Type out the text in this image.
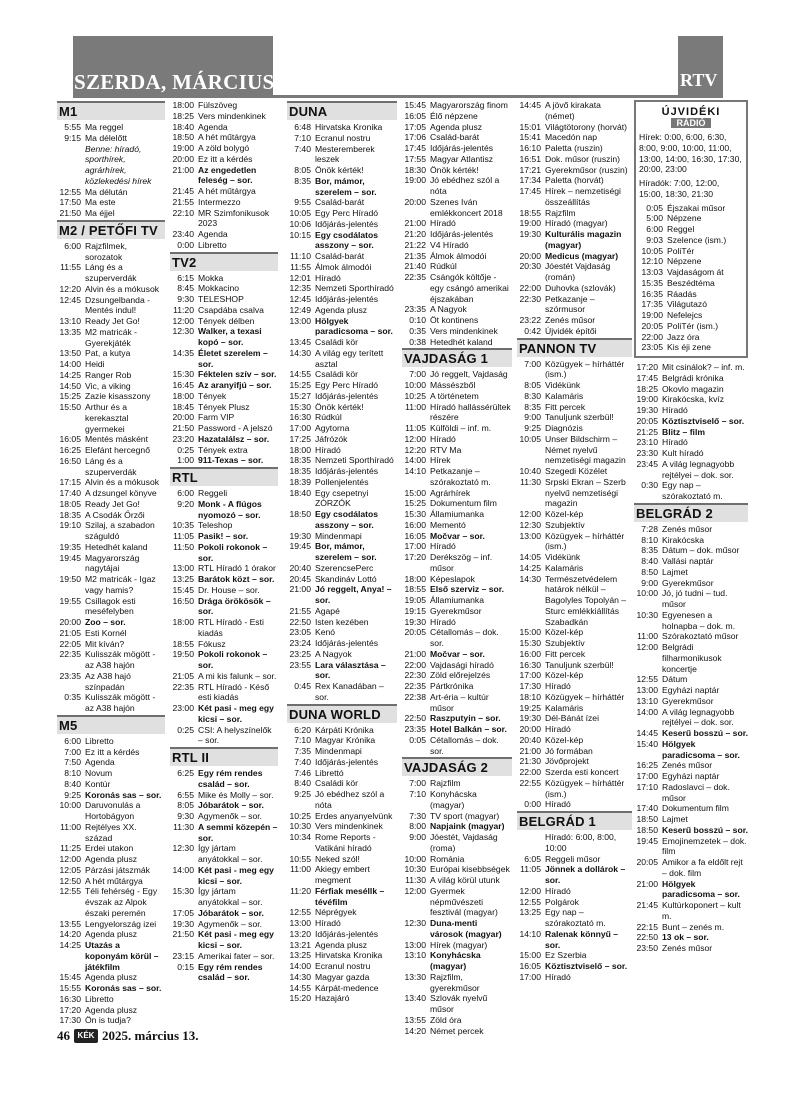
SZERDA, MÁRCIUS 19.	RTV
M1
5:55 Ma reggel
9:15 Ma délelőtt
Benne: híradó, sporthírek, agrárhírek, közlekedési hírek
12:55 Ma délután
17:50 Ma este
21:50 Ma éjjel
M2 / PETŐFI TV
6:00 Rajzfilmek, sorozatok
11:55 Láng és a szuperverdák
12:20 Alvin és a mókusok
12:45 Dzsungelbanda - Mentés indul!
13:10 Ready Jet Go!
13:35 M2 matricák - Gyerekjáték
13:50 Pat, a kutya
14:00 Heidi
14:25 Ranger Rob
14:50 Vic, a viking
15:25 Zazie kisasszony
15:50 Arthur és a kerekasztal gyermekei
16:05 Mentés másként
16:25 Elefánt hercegnő
16:50 Láng és a szuperverdák
17:15 Alvin és a mókusok
17:40 A dzsungel könyve
18:05 Ready Jet Go!
18:35 A Csodák Őrzői
19:10 Szilaj, a szabadon száguldó
19:35 Hetedhét kaland
19:45 Magyarország nagytájai
19:50 M2 matricák - Igaz vagy hamis?
19:55 Csillagok esti meséfelyben
20:00 Zoo – sor.
21:05 Esti Kornél
22:05 Mit kíván?
22:35 Kulisszák mögött - az A38 hajón
23:35 Az A38 hajó színpadán
0:35 Kulisszák mögött - az A38 hajón
M5
6:00 Libretto
7:00 Ez itt a kérdés
7:50 Agenda
8:10 Novum
8:40 Kontúr
9:25 Koronás sas – sor.
10:00 Daruvonulás a Hortobágyon
11:00 Rejtélyes XX. század
11:25 Erdei utakon
12:00 Agenda plusz
12:05 Párzási játszmák
12:50 A hét műtárgya
12:55 Téli fehérség - Egy évszak az Alpok északi peremén
13:55 Lengyelország izei
14:20 Agenda plusz
14:25 Utazás a koponyám körül – játékfilm
15:45 Agenda plusz
15:55 Koronás sas – sor.
16:30 Libretto
17:20 Agenda plusz
17:30 Ön is tudja?
18:00 Fülszöveg
18:25 Vers mindenkinek
18:40 Agenda
18:50 A hét műtárgya
19:00 A zöld bolygó
20:00 Ez itt a kérdés
21:00 Az engedetlen feleség – sor.
21:45 A hét műtárgya
21:55 Intermezzo
22:10 MR Szimfonikusok 2023
23:40 Agenda
0:00 Libretto
TV2
6:15 Mokka
8:45 Mokkacino
9:30 TELESHOP
11:20 Csapdába csalva
12:00 Tények délben
12:30 Walker, a texasi kopó – sor.
14:35 Életet szerelem – sor.
15:30 Féktelen szív – sor.
16:45 Az aranyifjú – sor.
18:00 Tények
18:45 Tények Plusz
20:00 Farm VIP
21:50 Password - A jelszó
23:20 Hazatalálsz – sor.
0:25 Tények extra
1:00 911-Texas – sor.
RTL
6:00 Reggeli
9:20 Monk - A flúgos nyomozó – sor.
10:35 Teleshop
11:05 Pasik! – sor.
11:50 Pokoli rokonok – sor.
13:00 RTL Híradó 1 órakor
13:25 Barátok közt – sor.
15:45 Dr. House – sor.
16:50 Drága örökösök – sor.
18:00 RTL Híradó - Esti kiadás
18:55 Fókusz
19:50 Pokoli rokonok – sor.
21:05 A mi kis falunk – sor.
22:35 RTL Híradó - Késő esti kiadás
23:00 Két pasi - meg egy kicsi – sor.
0:25 CSI: A helyszínelők – sor.
RTL II
6:25 Egy rém rendes család – sor.
6:55 Mike és Molly – sor.
8:05 Jóbarátok – sor.
9:30 Agymenők – sor.
11:30 A semmi közepén – sor.
12:30 Így jártam anyátokkal – sor.
14:00 Két pasi - meg egy kicsi – sor.
15:30 Így jártam anyátokkal – sor.
17:05 Jóbarátok – sor.
19:30 Agymenők – sor.
21:50 Két pasi - meg egy kicsi – sor.
23:15 Amerikai fater – sor.
0:15 Egy rém rendes család – sor.
DUNA
6:48 Hirvatska Kronika
7:10 Ecranul nostru
7:40 Mesteremberek leszek
8:05 Önök kérték!
8:35 Bor, mámor, szerelem – sor.
9:55 Család-barát
10:05 Egy Perc Híradó
10:06 Időjárás-jelentés
10:15 Egy csodálatos asszony – sor.
11:10 Család-barát
11:55 Álmok álmodói
12:01 Híradó
12:35 Nemzeti Sporthíradó
12:45 Időjárás-jelentés
12:49 Agenda plusz
13:00 Hölgyek paradicsoma – sor.
13:45 Családi kör
14:30 A világ egy terített asztal
14:55 Családi kör
15:25 Egy Perc Híradó
15:27 Időjárás-jelentés
15:30 Önök kérték!
16:30 Rúdkúl
17:00 Agytorna
17:25 Jáfrózók
18:00 Híradó
18:35 Nemzeti Sporthíradó
18:35 Időjárás-jelentés
18:39 Pollenjelentés
18:40 Egy csepetnyi ZÓRZÓK
18:50 Egy csodálatos asszony – sor.
19:30 Mindenmapi
19:45 Bor, mámor, szerelem – sor.
20:40 SzerencsePerc
20:45 Skandináv Lottó
21:00 Jó reggelt, Anya! – sor.
21:55 Agapé
22:50 Isten kezében
23:05 Kenó
23:24 Időjárás-jelentés
23:25 A Nagyok
23:55 Lara választása – sor.
0:45 Rex Kanadában – sor.
DUNA WORLD
6:20 Kárpáti Krónika
7:10 Magyar Krónika
7:35 Mindenmapi
7:40 Időjárás-jelentés
7:46 Librettó
8:40 Családi kör
9:25 Jó ebédhez szól a nóta
10:25 Erdes anyanyelvünk
10:30 Vers mindenkinek
10:34 Rome Reports - Vatikáni híradó
10:55 Neked szól!
11:00 Akiegy embert megment
11:20 Férfiak meséllk – tévéfilm
12:55 Néprégyek
13:00 Híradó
13:20 Időjárás-jelentés
13:21 Agenda plusz
13:25 Hirvatska Kronika
14:00 Ecranul nostru
14:30 Magyar gazda
14:55 Kárpát-medence
15:20 Hazajáró
15:45 Magyarország finom
16:05 Élő népzene
17:05 Agenda plusz
17:06 Család-barát
17:45 Időjárás-jelentés
17:55 Magyar Atlantisz
18:30 Önök kérték!
19:00 Jó ebédhez szól a nóta
20:00 Szenes Iván emlékkoncert 2018
21:00 Híradó
21:20 Időjárás-jelentés
21:22 V4 Híradó
21:35 Álmok álmodói
21:40 Rúdkúl
22:35 Csángók költője - egy csángó amerikai éjszakában
23:35 A Nagyok
0:10 Öt kontinens
0:35 Vers mindenkinek
0:38 Hetedhét kaland
VAJDASÁG 1
7:00 Jó reggelt, Vajdaság
10:00 Mássészből
10:25 A történetem
11:00 Híradó hallássérültek részére
11:05 Külföldi – inf. m.
12:00 Híradó
12:20 RTV Ma
14:00 Hírek
14:10 Petkazanje – szórakoztató m.
15:00 Agrárhírek
15:25 Dokumentum film
15:30 Államiumanka
16:00 Mementó
16:05 Močvar – sor.
17:00 Híradó
17:20 Derékszög – inf. műsor
18:00 Képeslapok
18:55 Első szerviz – sor.
19:05 Államiumanka
19:15 Gyerekműsor
19:30 Híradó
20:05 Cétallomás – dok. sor.
21:00 Močvar – sor.
22:00 Vajdasági híradó
22:30 Zöld előrejelzés
22:35 Pártkrónika
22:38 Art-éria – kultúr műsor
22:50 Raszputyin – sor.
23:35 Hotel Balkán – sor.
0:05 Cétallomás – dok. sor.
VAJDASÁG 2
7:00 Rajzfilm
7:10 Konyhácska (magyar)
7:30 TV sport (magyar)
8:00 Napjaink (magyar)
9:00 Jóestét, Vajdaság (roma)
10:00 Románia
10:30 Európai kisebbségek
11:30 A világ körül utunk
12:00 Gyermek népművészeti fesztivál (magyar)
12:30 Duna-menti városok (magyar)
13:00 Hírek (magyar)
13:10 Konyhácska (magyar)
13:30 Rajzfilm, gyerekműsor
13:40 Szlovák nyelvű műsor
13:55 Zöld óra
14:20 Német percek
14:45 A jövő kirakata (német)
15:01 Világtötorony (horvát)
15:41 Macedón nap
16:10 Paletta (ruszin)
16:51 Dok. műsor (ruszin)
17:21 Gyerekműsor (ruszin)
17:34 Paletta (horvát)
17:45 Hírek – nemzetiségi összeállítás
18:55 Rajzfilm
19:00 Híradó (magyar)
19:30 Kulturális magazin (magyar)
20:00 Medicus (magyar)
20:30 Jóestét Vajdaság (román)
22:00 Duhovka (szlovák)
22:30 Petkazanje – szórmusor
23:22 Zenés műsor
0:42 Újvidék építői
PANNON TV
7:00 Közügyek – hírháttér (ism.)
8:05 Vidékünk
8:30 Kalamáris
8:35 Fitt percek
9:00 Tanuljunk szerbül!
9:25 Diagnózis
10:05 Unser Bildschirm – Német nyelvű nemzetiségi magazin
10:40 Szegedi Közélet
11:30 Srpski Ekran – Szerb nyelvű nemzetiségi magazin
12:00 Közel-kép
12:30 Szubjektív
13:00 Közügyek – hírháttér (ism.)
14:05 Vidékünk
14:25 Kalamáris
14:30 Természetvédelem határok nélkül – Bagolyles Topolyán – Sturc emlékkiállítás Szabadkán
15:00 Közel-kép
15:30 Szubjektív
16:00 Fitt percek
16:30 Tanuljunk szerbül!
17:00 Közel-kép
17:30 Híradó
18:10 Közügyek – hírháttér
19:25 Kalamáris
19:30 Dél-Bánát ízei
20:00 Híradó
20:40 Közel-kép
21:00 Jó formában
21:30 Jövőprojekt
22:00 Szerda esti koncert
22:55 Közügyek – hírháttér (ism.)
0:00 Híradó
BELGRÁD 1
Híradó: 6:00, 8:00, 10:00
6:05 Reggeli műsor
11:05 Jönnek a dollárok – sor.
12:00 Híradó
12:55 Polgárok
13:25 Egy nap – szórakoztató m.
14:10 Ralenak könnyű – sor.
15:00 Ez Szerbia
16:05 Köztisztviselő – sor.
17:00 Híradó
ÚJVIDÉKI
RÁDIÓ
Hírek: 0:00, 6:00, 6:30, 8:00, 9:00, 10:00, 11:00, 13:00, 14:00, 16:30, 17:30, 20:00, 23:00
Híradók: 7:00, 12:00, 15:00, 18:30, 21:30
0:05 Éjszakai műsor
5:00 Népzene
6:00 Reggel
9:03 Szelence (ism.)
10:05 PoliTér
12:10 Népzene
13:03 Vajdaságom át
15:35 Beszédtéma
16:35 Ráadás
17:35 Világutazó
19:00 Nefelejcs
20:05 PoliTér (ism.)
22:00 Jazz óra
23:05 Kis éji zene
17:20 Mit csinálok? – inf. m.
17:45 Belgrádi krónika
18:25 Okovlo magazin
19:00 Kirakócska, kvíz
19:30 Híradó
20:05 Köztisztviselő – sor.
21:25 Blitz – film
23:10 Híradó
23:30 Kult híradó
23:45 A világ legnagyobb rejtélyei – dok. sor.
0:30 Egy nap – szórakoztató m.
BELGRÁD 2
7:28 Zenés műsor
8:10 Kirakócska
8:35 Dátum – dok. műsor
8:40 Vallási naptár
8:50 Lajmet
9:00 Gyerekműsor
10:00 Jó, jó tudni – tud. műsor
10:30 Egyenesen a holnapba – dok. m.
11:00 Szórakoztató műsor
12:00 Belgrádi filharmonikusok koncertje
12:55 Dátum
13:00 Egyházi naptár
13:10 Gyerekműsor
14:00 A világ legnagyobb rejtélyei – dok. sor.
14:45 Keserű bosszú – sor.
15:40 Hölgyek paradicsoma – sor.
16:25 Zenés műsor
17:00 Egyházi naptár
17:10 Radoslavci – dok. műsor
17:40 Dokumentum film
18:50 Lajmet
18:50 Keserű bosszú – sor.
19:45 Emojinemzetek – dok. film
20:05 Amikor a fa eldőlt rejt – dok. film
21:00 Hölgyek paradicsoma – sor.
21:45 Kultúrkoponert – kult m.
22:15 Bunt – zenés m.
22:50 13 ok – sor.
23:50 Zenés műsor
46 KÉK 2025. március 13.
